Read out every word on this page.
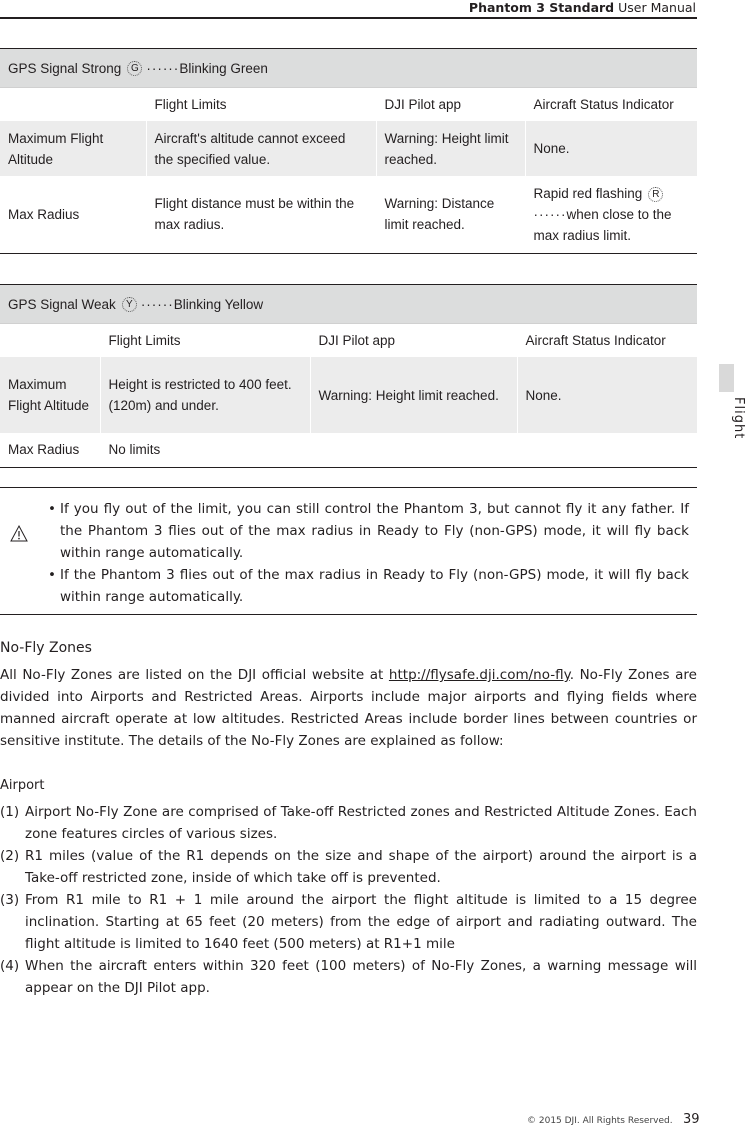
Phantom 3 Standard User Manual
GPS Signal Strong G ······Blinking Green			
	Flight Limits	DJI Pilot app	Aircraft Status Indicator
Maximum Flight Altitude	Aircraft's altitude cannot exceed the specified value.	Warning: Height limit reached.	None.
Max Radius	Flight distance must be within the max radius.	Warning: Distance limit reached.	Rapid red flashing R
······when close to the max radius limit.
GPS Signal Weak Y ······Blinking Yellow			
	Flight Limits	DJI Pilot app	Aircraft Status Indicator
Maximum Flight Altitude	Height is restricted to 400 feet. (120m) and under.	Warning: Height limit reached.	None.
Max Radius	No limits		
Flight
• If you fly out of the limit, you can still control the Phantom 3, but cannot fly it any father. If the Phantom 3 flies out of the max radius in Ready to Fly (non-GPS) mode, it will fly back within range automatically.
• If the Phantom 3 flies out of the max radius in Ready to Fly (non-GPS) mode, it will fly back within range automatically.
No-Fly Zones

All No-Fly Zones are listed on the DJI official website at http://flysafe.dji.com/no-fly. No-Fly Zones are divided into Airports and Restricted Areas. Airports include major airports and flying fields where manned aircraft operate at low altitudes. Restricted Areas include border lines between countries or sensitive institute. The details of the No-Fly Zones are explained as follow:

Airport
(1) Airport No-Fly Zone are comprised of Take-off Restricted zones and Restricted Altitude Zones. Each zone features circles of various sizes.
(2) R1 miles (value of the R1 depends on the size and shape of the airport) around the airport is a Take-off restricted zone, inside of which take off is prevented.
(3) From R1 mile to R1 + 1 mile around the airport the flight altitude is limited to a 15 degree inclination. Starting at 65 feet (20 meters) from the edge of airport and radiating outward. The flight altitude is limited to 1640 feet (500 meters) at R1+1 mile
(4) When the aircraft enters within 320 feet (100 meters) of No-Fly Zones, a warning message will appear on the DJI Pilot app.
© 2015 DJI. All Rights Reserved. 39
